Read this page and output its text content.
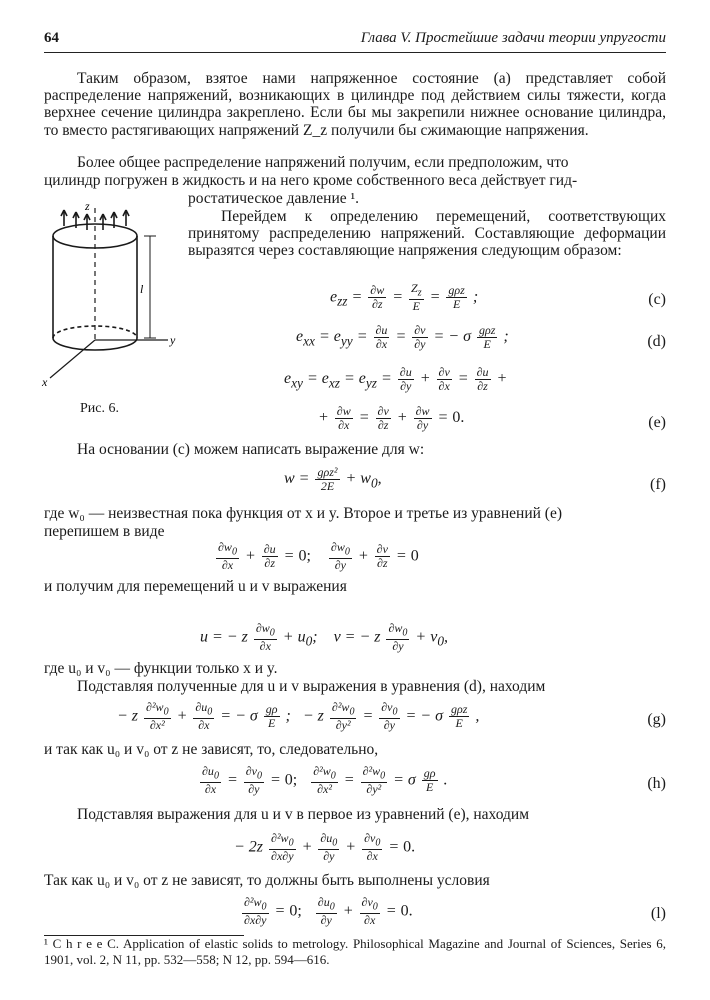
64	Глава V. Простейшие задачи теории упругости
Таким образом, взятое нами напряженное состояние (а) представляет собой распределение напряжений, возникающих в цилиндре под действием силы тяжести, когда верхнее сечение цилиндра закреплено. Если бы мы закрепили нижнее основание цилиндра, то вместо растягивающих напряжений Z_z получили бы сжимающие напряжения.
Более общее распределение напряжений получим, если предположим, что
цилиндр погружен в жидкость и на него кроме собственного веса действует гид-
ростатическое давление ¹.
z
y
x
l
Рис. 6.
Перейдем к определению перемещений, соответствующих принятому распределению напряжений. Составляющие деформации выразятся через составляющие напряжения следующим образом:
$e_{zz} = \frac{\partial w}{\partial z} = \frac{Z_z}{E} = \frac{\text{gρz}}{E}$ ;	(c)
$e_{xx} = e_{yy} = \frac{\partial u}{\partial x} = \frac{\partial v}{\partial y}$ = − σ $\frac{\text{gρz}}{E}$ ;	(d)
$e_{xy} = e_{xz} = e_{yz} = \frac{\partial u}{\partial y} + \frac{\partial v}{\partial x} = \frac{\partial u}{\partial z}$ +
+ $\frac{\partial w}{\partial x} = \frac{\partial v}{\partial z} + \frac{\partial w}{\partial y} = 0$.	(e)
На основании (c) можем написать выражение для w:
$w = \frac{\text{gρz²}}{2E} + w_0$,	(f)
где w₀ — неизвестная пока функция от x и y. Второе и третье из уравнений (e)
перепишем в виде
$\frac{\partial w_0}{\partial x} + \frac{\partial u}{\partial z} = 0$; $\frac{\partial w_0}{\partial y} + \frac{\partial v}{\partial z} = 0$
и получим для перемещений u и v выражения
u = − z $\frac{\partial w_0}{\partial x} + u_0$;    v = − z $\frac{\partial w_0}{\partial y} + v_0$,
где u₀ и v₀ — функции только x и y.
Подставляя полученные для u и v выражения в уравнения (d), находим
− z $\frac{\partial^2w_0}{\text{∂x²}} + \frac{\partial u_0}{\partial x}$ = − σ $\frac{g\rho}{E}$ ;   − z $\frac{\partial^2w_0}{\text{∂y²}} = \frac{\partial v_0}{\partial y}$ = − σ $\frac{\text{gρz}}{E}$ ,	(g)
и так как u₀ и v₀ от z не зависят, то, следовательно,
$\frac{\partial u_0}{\partial x} = \frac{\partial v_0}{\partial y} = 0$; $\frac{\partial^2w_0}{\text{∂x²}} = \frac{\partial^2w_0}{\text{∂y²}} = \sigma \frac{g\rho}{E}$ .	(h)
Подставляя выражения для u и v в первое из уравнений (e), находим
− $2z \frac{\partial^2w_0}{\partial x\partial y} + \frac{\partial u_0}{\partial y} + \frac{\partial v_0}{\partial x} = 0$.
Так как u₀ и v₀ от z не зависят, то должны быть выполнены условия
$\frac{\partial^2w_0}{\partial x\partial y} = 0$; $\frac{\partial u_0}{\partial y} + \frac{\partial v_0}{\partial x} = 0$.	(l)
¹ C h r e e C. Application of elastic solids to metrology. Philosophical Magazine and Journal of Sciences, Series 6, 1901, vol. 2, N 11, pp. 532—558; N 12, pp. 594—616.
